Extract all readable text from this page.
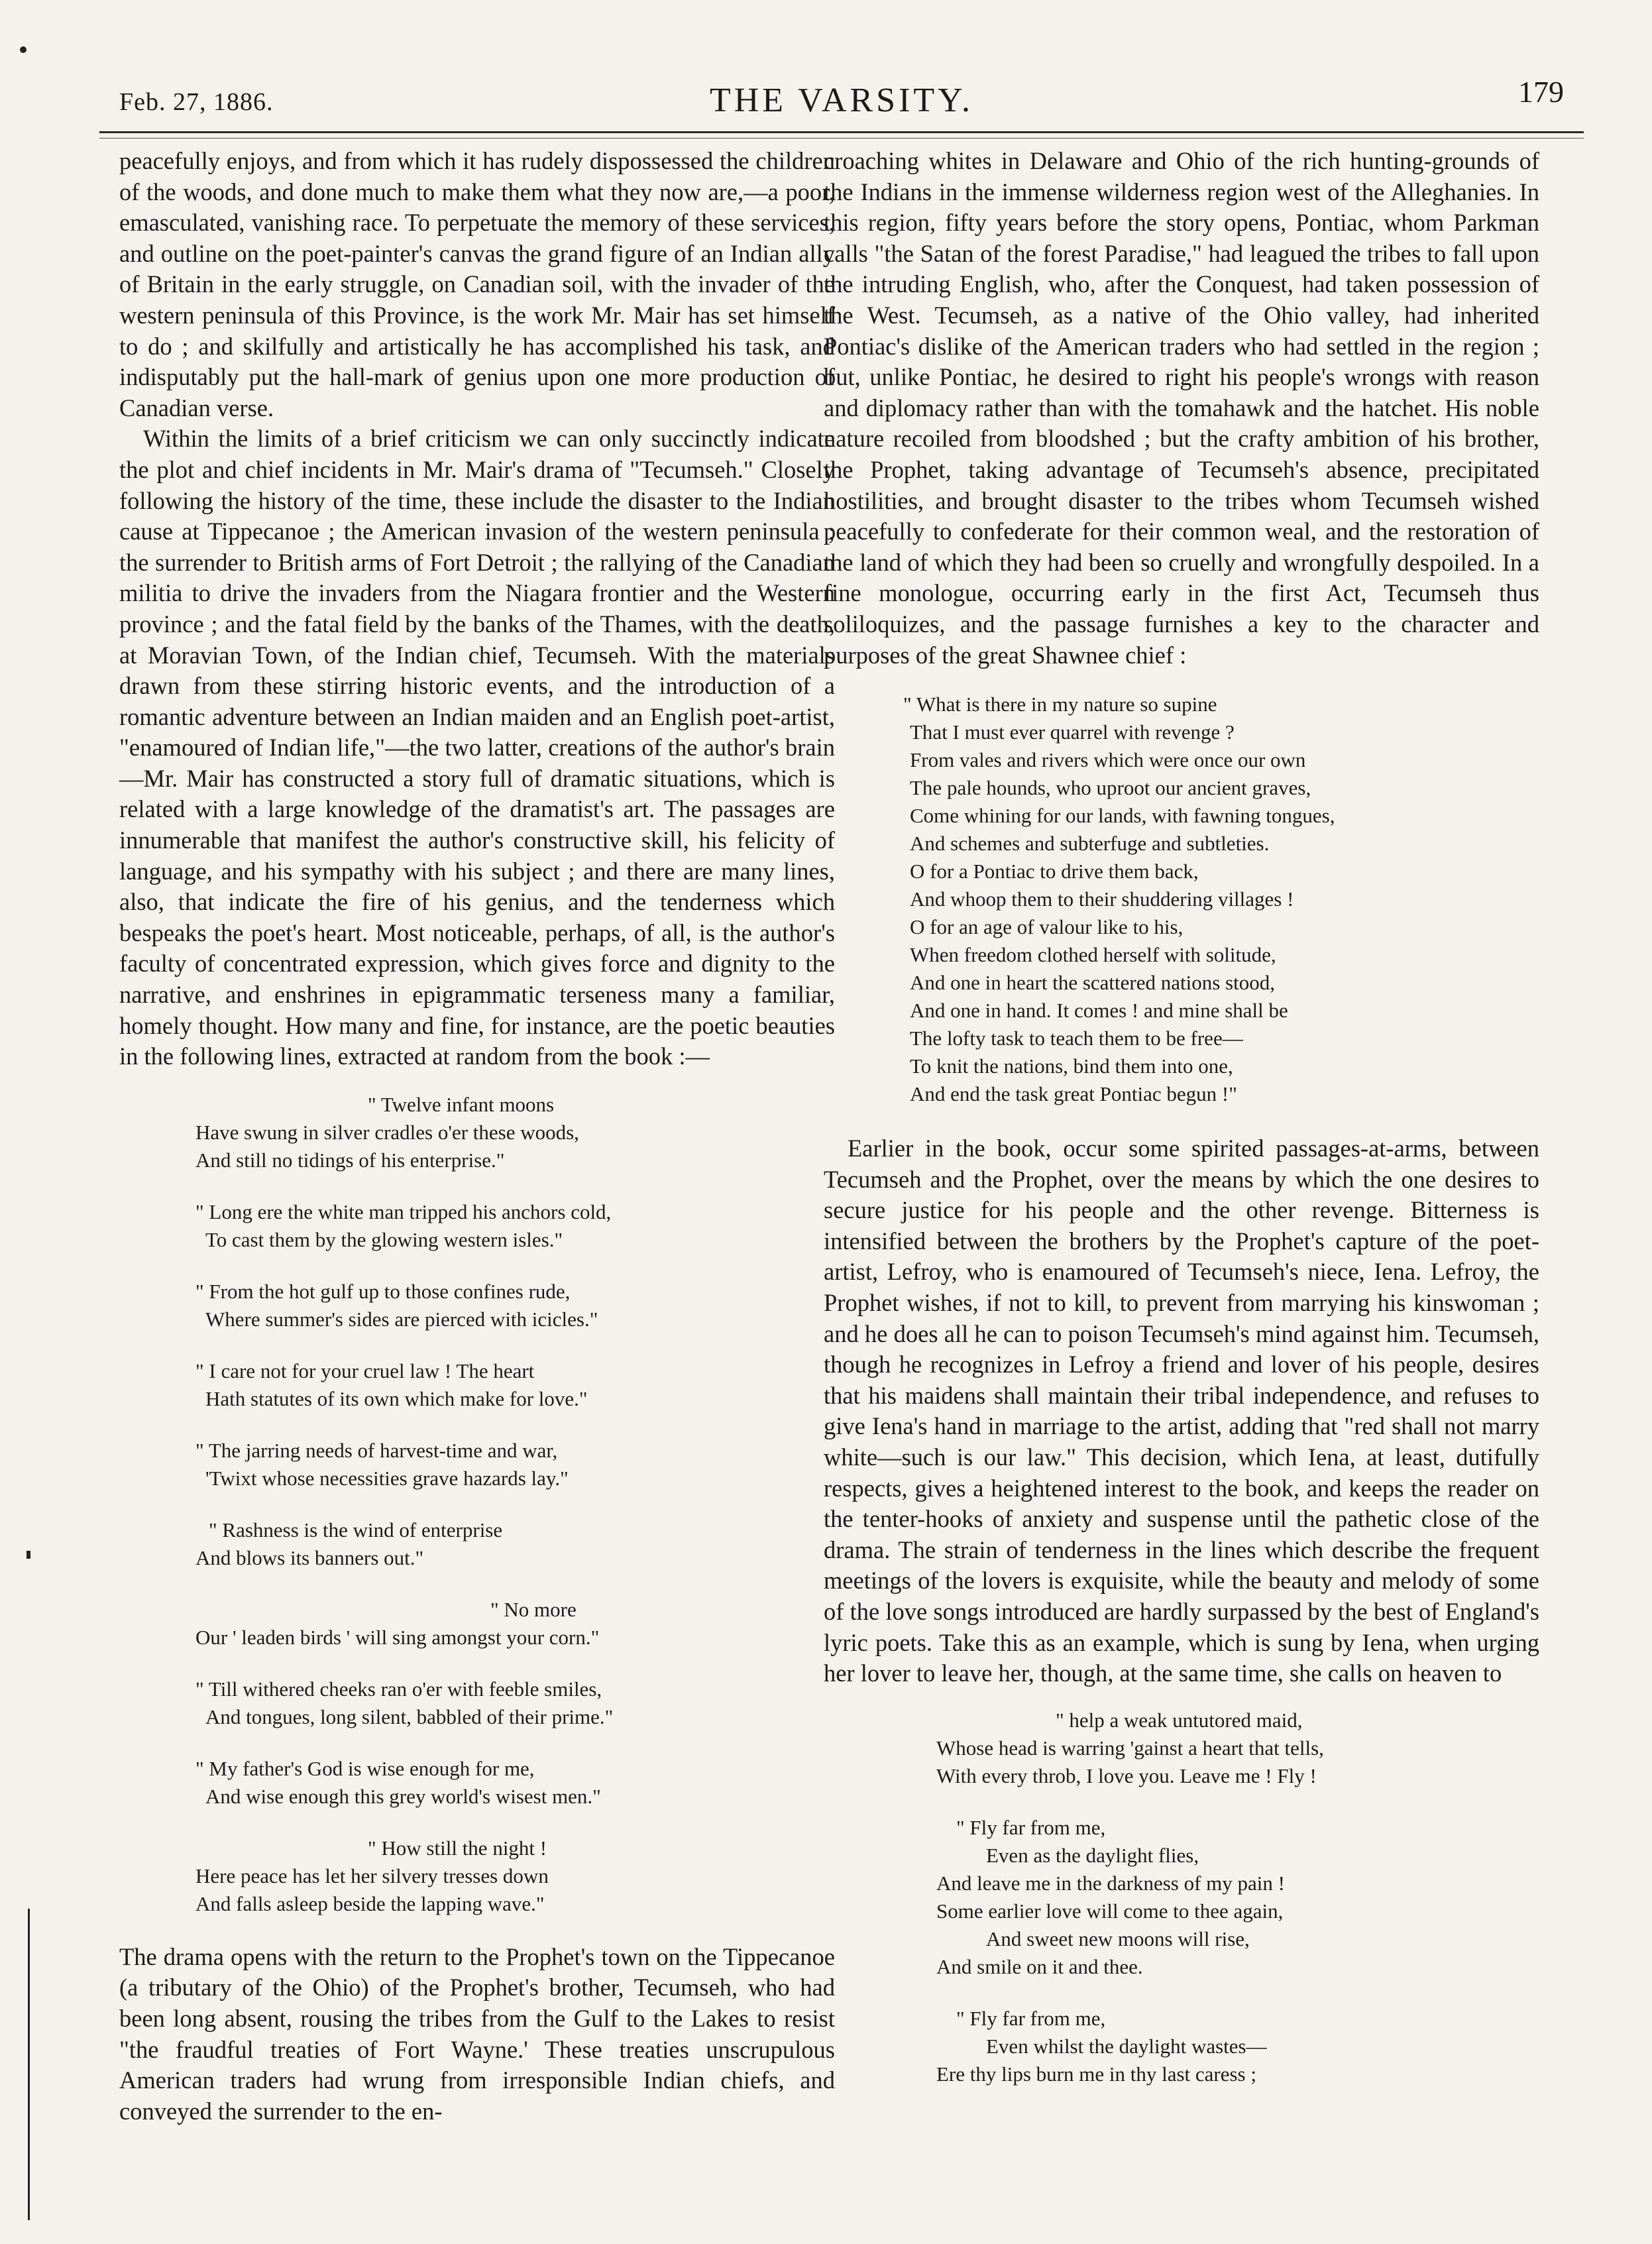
Feb. 27, 1886.	THE VARSITY.	179

peacefully enjoys, and from which it has rudely dispossessed the children of the woods, and done much to make them what they now are,—a poor, emasculated, vanishing race. To perpetuate the memory of these services, and outline on the poet-painter's canvas the grand figure of an Indian ally of Britain in the early struggle, on Canadian soil, with the invader of the western peninsula of this Province, is the work Mr. Mair has set himself to do ; and skilfully and artistically he has accomplished his task, and indisputably put the hall-mark of genius upon one more production of Canadian verse.

Within the limits of a brief criticism we can only succinctly indicate the plot and chief incidents in Mr. Mair's drama of "Tecumseh." Closely following the history of the time, these include the disaster to the Indian cause at Tippecanoe ; the American invasion of the western peninsula ; the surrender to British arms of Fort Detroit ; the rallying of the Canadian militia to drive the invaders from the Niagara frontier and the Western province ; and the fatal field by the banks of the Thames, with the death, at Moravian Town, of the Indian chief, Tecumseh. With the materials drawn from these stirring historic events, and the introduction of a romantic adventure between an Indian maiden and an English poet-artist, "enamoured of Indian life,"—the two latter, creations of the author's brain—Mr. Mair has constructed a story full of dramatic situations, which is related with a large knowledge of the dramatist's art. The passages are innumerable that manifest the author's constructive skill, his felicity of language, and his sympathy with his subject ; and there are many lines, also, that indicate the fire of his genius, and the tenderness which bespeaks the poet's heart. Most noticeable, perhaps, of all, is the author's faculty of concentrated expression, which gives force and dignity to the narrative, and enshrines in epigrammatic terseness many a familiar, homely thought. How many and fine, for instance, are the poetic beauties in the following lines, extracted at random from the book :—

" Twelve infant moons
Have swung in silver cradles o'er these woods,
And still no tidings of his enterprise."
" Long ere the white man tripped his anchors cold,
To cast them by the glowing western isles."
" From the hot gulf up to those confines rude,
Where summer's sides are pierced with icicles."
" I care not for your cruel law ! The heart
Hath statutes of its own which make for love."
" The jarring needs of harvest-time and war,
'Twixt whose necessities grave hazards lay."
" Rashness is the wind of enterprise
And blows its banners out."
" No more
Our ' leaden birds ' will sing amongst your corn."
" Till withered cheeks ran o'er with feeble smiles,
And tongues, long silent, babbled of their prime."
" My father's God is wise enough for me,
And wise enough this grey world's wisest men."
" How still the night !
Here peace has let her silvery tresses down
And falls asleep beside the lapping wave."

The drama opens with the return to the Prophet's town on the Tippecanoe (a tributary of the Ohio) of the Prophet's brother, Tecumseh, who had been long absent, rousing the tribes from the Gulf to the Lakes to resist "the fraudful treaties of Fort Wayne.' These treaties unscrupulous American traders had wrung from irresponsible Indian chiefs, and conveyed the surrender to the en-

croaching whites in Delaware and Ohio of the rich hunting-grounds of the Indians in the immense wilderness region west of the Alleghanies. In this region, fifty years before the story opens, Pontiac, whom Parkman calls "the Satan of the forest Paradise," had leagued the tribes to fall upon the intruding English, who, after the Conquest, had taken possession of the West. Tecumseh, as a native of the Ohio valley, had inherited Pontiac's dislike of the American traders who had settled in the region ; but, unlike Pontiac, he desired to right his people's wrongs with reason and diplomacy rather than with the tomahawk and the hatchet. His noble nature recoiled from bloodshed ; but the crafty ambition of his brother, the Prophet, taking advantage of Tecumseh's absence, precipitated hostilities, and brought disaster to the tribes whom Tecumseh wished peacefully to confederate for their common weal, and the restoration of the land of which they had been so cruelly and wrongfully despoiled. In a fine monologue, occurring early in the first Act, Tecumseh thus soliloquizes, and the passage furnishes a key to the character and purposes of the great Shawnee chief :

" What is there in my nature so supine
That I must ever quarrel with revenge ?
From vales and rivers which were once our own
The pale hounds, who uproot our ancient graves,
Come whining for our lands, with fawning tongues,
And schemes and subterfuge and subtleties.
O for a Pontiac to drive them back,
And whoop them to their shuddering villages !
O for an age of valour like to his,
When freedom clothed herself with solitude,
And one in heart the scattered nations stood,
And one in hand. It comes ! and mine shall be
The lofty task to teach them to be free—
To knit the nations, bind them into one,
And end the task great Pontiac begun !"

Earlier in the book, occur some spirited passages-at-arms, between Tecumseh and the Prophet, over the means by which the one desires to secure justice for his people and the other revenge. Bitterness is intensified between the brothers by the Prophet's capture of the poet-artist, Lefroy, who is enamoured of Tecumseh's niece, Iena. Lefroy, the Prophet wishes, if not to kill, to prevent from marrying his kinswoman ; and he does all he can to poison Tecumseh's mind against him. Tecumseh, though he recognizes in Lefroy a friend and lover of his people, desires that his maidens shall maintain their tribal independence, and refuses to give Iena's hand in marriage to the artist, adding that "red shall not marry white—such is our law." This decision, which Iena, at least, dutifully respects, gives a heightened interest to the book, and keeps the reader on the tenter-hooks of anxiety and suspense until the pathetic close of the drama. The strain of tenderness in the lines which describe the frequent meetings of the lovers is exquisite, while the beauty and melody of some of the love songs introduced are hardly surpassed by the best of England's lyric poets. Take this as an example, which is sung by Iena, when urging her lover to leave her, though, at the same time, she calls on heaven to

" help a weak untutored maid,
Whose head is warring 'gainst a heart that tells,
With every throb, I love you. Leave me ! Fly !
" Fly far from me,
Even as the daylight flies,
And leave me in the darkness of my pain !
Some earlier love will come to thee again,
And sweet new moons will rise,
And smile on it and thee.
" Fly far from me,
Even whilst the daylight wastes—
Ere thy lips burn me in thy last caress ;
